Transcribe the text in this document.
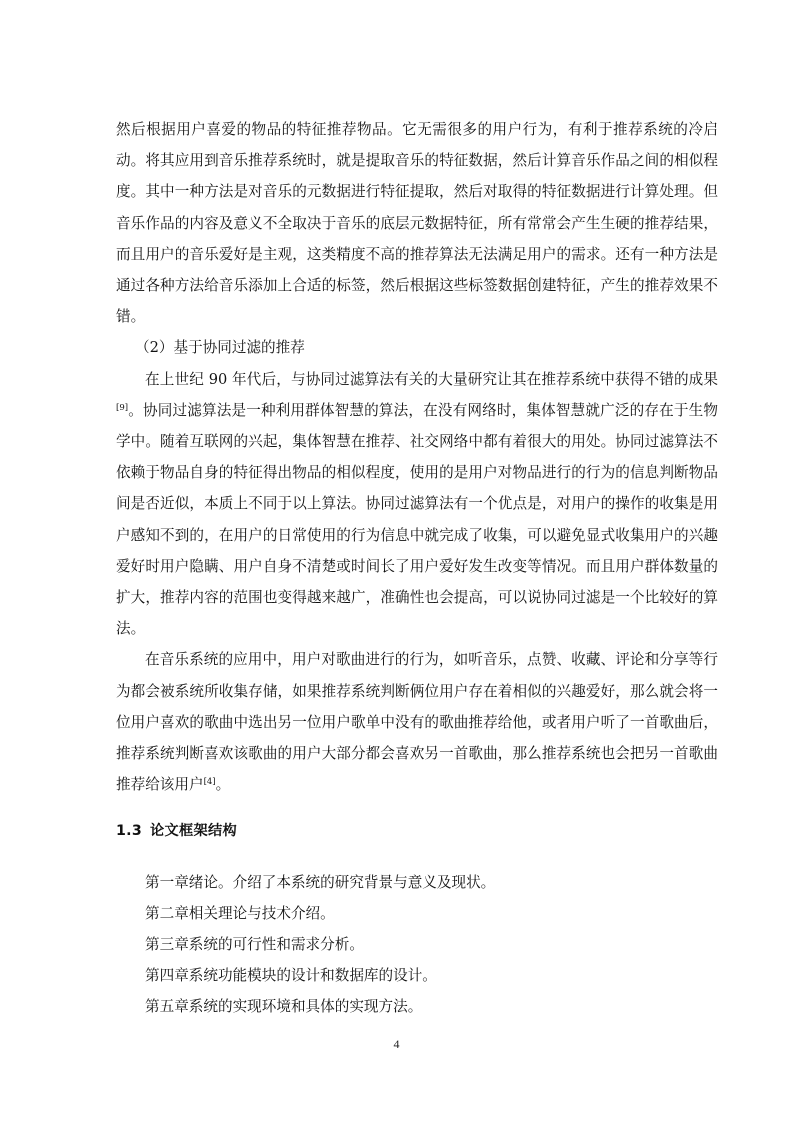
然后根据用户喜爱的物品的特征推荐物品。它无需很多的用户行为，有利于推荐系统的冷启动。将其应用到音乐推荐系统时，就是提取音乐的特征数据，然后计算音乐作品之间的相似程度。其中一种方法是对音乐的元数据进行特征提取，然后对取得的特征数据进行计算处理。但音乐作品的内容及意义不全取决于音乐的底层元数据特征，所有常常会产生生硬的推荐结果，而且用户的音乐爱好是主观，这类精度不高的推荐算法无法满足用户的需求。还有一种方法是通过各种方法给音乐添加上合适的标签，然后根据这些标签数据创建特征，产生的推荐效果不错。

（2）基于协同过滤的推荐

在上世纪 90 年代后，与协同过滤算法有关的大量研究让其在推荐系统中获得不错的成果[9]。协同过滤算法是一种利用群体智慧的算法，在没有网络时，集体智慧就广泛的存在于生物学中。随着互联网的兴起，集体智慧在推荐、社交网络中都有着很大的用处。协同过滤算法不依赖于物品自身的特征得出物品的相似程度，使用的是用户对物品进行的行为的信息判断物品间是否近似，本质上不同于以上算法。协同过滤算法有一个优点是，对用户的操作的收集是用户感知不到的，在用户的日常使用的行为信息中就完成了收集，可以避免显式收集用户的兴趣爱好时用户隐瞒、用户自身不清楚或时间长了用户爱好发生改变等情况。而且用户群体数量的扩大，推荐内容的范围也变得越来越广，准确性也会提高，可以说协同过滤是一个比较好的算法。

在音乐系统的应用中，用户对歌曲进行的行为，如听音乐，点赞、收藏、评论和分享等行为都会被系统所收集存储，如果推荐系统判断俩位用户存在着相似的兴趣爱好，那么就会将一位用户喜欢的歌曲中选出另一位用户歌单中没有的歌曲推荐给他，或者用户听了一首歌曲后，推荐系统判断喜欢该歌曲的用户大部分都会喜欢另一首歌曲，那么推荐系统也会把另一首歌曲推荐给该用户[4]。

1.3 论文框架结构

第一章绪论。介绍了本系统的研究背景与意义及现状。

第二章相关理论与技术介绍。

第三章系统的可行性和需求分析。

第四章系统功能模块的设计和数据库的设计。

第五章系统的实现环境和具体的实现方法。

4
